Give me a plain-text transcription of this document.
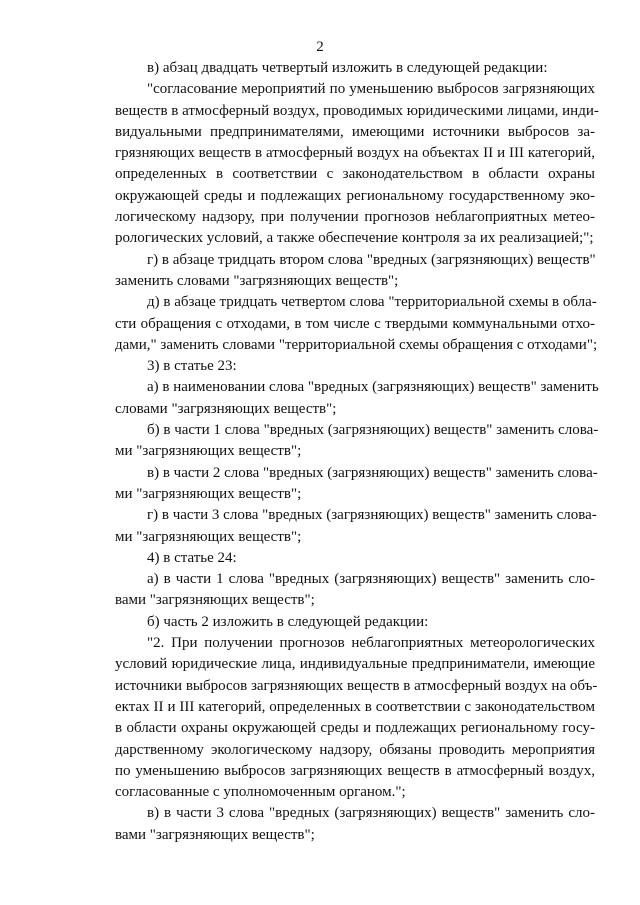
2
в) абзац двадцать четвертый изложить в следующей редакции:
"согласование мероприятий по уменьшению выбросов загрязняющих
веществ в атмосферный воздух, проводимых юридическими лицами, инди-
видуальными предпринимателями, имеющими источники выбросов за-
грязняющих веществ в атмосферный воздух на объектах II и III категорий,
определенных в соответствии с законодательством в области охраны
окружающей среды и подлежащих региональному государственному эко-
логическому надзору, при получении прогнозов неблагоприятных метео-
рологических условий, а также обеспечение контроля за их реализацией;";
г) в абзаце тридцать втором слова "вредных (загрязняющих) веществ"
заменить словами "загрязняющих веществ";
д) в абзаце тридцать четвертом слова "территориальной схемы в обла-
сти обращения с отходами, в том числе с твердыми коммунальными отхо-
дами," заменить словами "территориальной схемы обращения с отходами";
3) в статье 23:
а) в наименовании слова "вредных (загрязняющих) веществ" заменить
словами "загрязняющих веществ";
б) в части 1 слова "вредных (загрязняющих) веществ" заменить слова-
ми "загрязняющих веществ";
в) в части 2 слова "вредных (загрязняющих) веществ" заменить слова-
ми "загрязняющих веществ";
г) в части 3 слова "вредных (загрязняющих) веществ" заменить слова-
ми "загрязняющих веществ";
4) в статье 24:
а) в части 1 слова "вредных (загрязняющих) веществ" заменить сло-
вами "загрязняющих веществ";
б) часть 2 изложить в следующей редакции:
"2. При получении прогнозов неблагоприятных метеорологических
условий юридические лица, индивидуальные предприниматели, имеющие
источники выбросов загрязняющих веществ в атмосферный воздух на объ-
ектах II и III категорий, определенных в соответствии с законодательством
в области охраны окружающей среды и подлежащих региональному госу-
дарственному экологическому надзору, обязаны проводить мероприятия
по уменьшению выбросов загрязняющих веществ в атмосферный воздух,
согласованные с уполномоченным органом.";
в) в части 3 слова "вредных (загрязняющих) веществ" заменить сло-
вами "загрязняющих веществ";
